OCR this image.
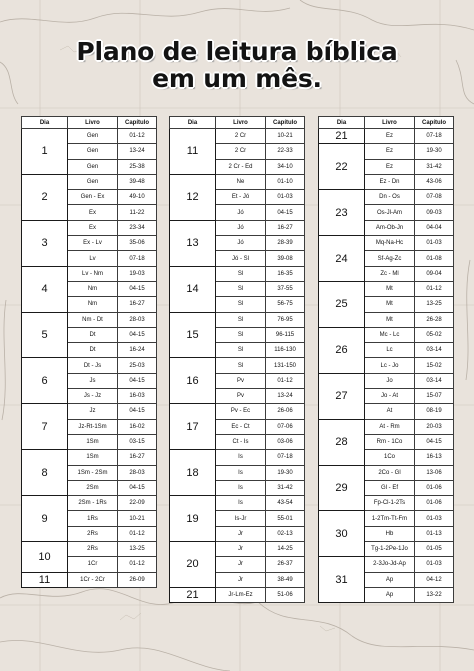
Plano de leitura bíblica
em um mês.
Dia	Livro	Capítulo
1	Gen	01-12
	Gen	13-24
	Gen	25-38
2	Gen	39-48
	Gen - Ex	49-10
	Ex	11-22
3	Ex	23-34
	Ex - Lv	35-06
	Lv	07-18
4	Lv - Nm	19-03
	Nm	04-15
	Nm	16-27
5	Nm - Dt	28-03
	Dt	04-15
	Dt	16-24
6	Dt - Js	25-03
	Js	04-15
	Js - Jz	16-03
7	Jz	04-15
	Jz-Rt-1Sm	16-02
	1Sm	03-15
8	1Sm	16-27
	1Sm - 2Sm	28-03
	2Sm	04-15
9	2Sm - 1Rs	22-09
	1Rs	10-21
	2Rs	01-12
10	2Rs	13-25
	1Cr	01-12
11	1Cr - 2Cr	26-09
Dia	Livro	Capítulo
11	2 Cr	10-21
	2 Cr	22-33
	2 Cr - Ed	34-10
12	Ne	01-10
	Et - Jó	01-03
	Jó	04-15
13	Jó	16-27
	Jó	28-39
	Jó - Sl	39-08
14	Sl	16-35
	Sl	37-55
	Sl	56-75
15	Sl	76-95
	Sl	96-115
	Sl	116-130
16	Sl	131-150
	Pv	01-12
	Pv	13-24
17	Pv - Ec	26-06
	Ec - Ct	07-06
	Ct - Is	03-06
18	Is	07-18
	Is	19-30
	Is	31-42
19	Is	43-54
	Is-Jr	55-01
	Jr	02-13
20	Jr	14-25
	Jr	26-37
	Jr	38-49
21	Jr-Lm-Ez	51-06
Dia	Livro	Capítulo
21	Ez	07-18
22	Ez	19-30
	Ez	31-42
	Ez - Dn	43-06
23	Dn - Os	07-08
	Os-Jl-Am	09-03
	Am-Ob-Jn	04-04
24	Mq-Na-Hc	01-03
	Sf-Ag-Zc	01-08
	Zc - Ml	09-04
25	Mt	01-12
	Mt	13-25
	Mt	26-28
26	Mc - Lc	05-02
	Lc	03-14
	Lc - Jo	15-02
27	Jo	03-14
	Jo - At	15-07
	At	08-19
28	At - Rm	20-03
	Rm - 1Co	04-15
	1Co	16-13
29	2Co - Gl	13-06
	Gl - Ef	01-06
	Fp-Cl-1-2Ts	01-06
30	1-2Tm-Tt-Fm	01-03
	Hb	01-13
	Tg-1-2Pe-1Jo	01-05
31	2-3Jo-Jd-Ap	01-03
	Ap	04-12
	Ap	13-22
